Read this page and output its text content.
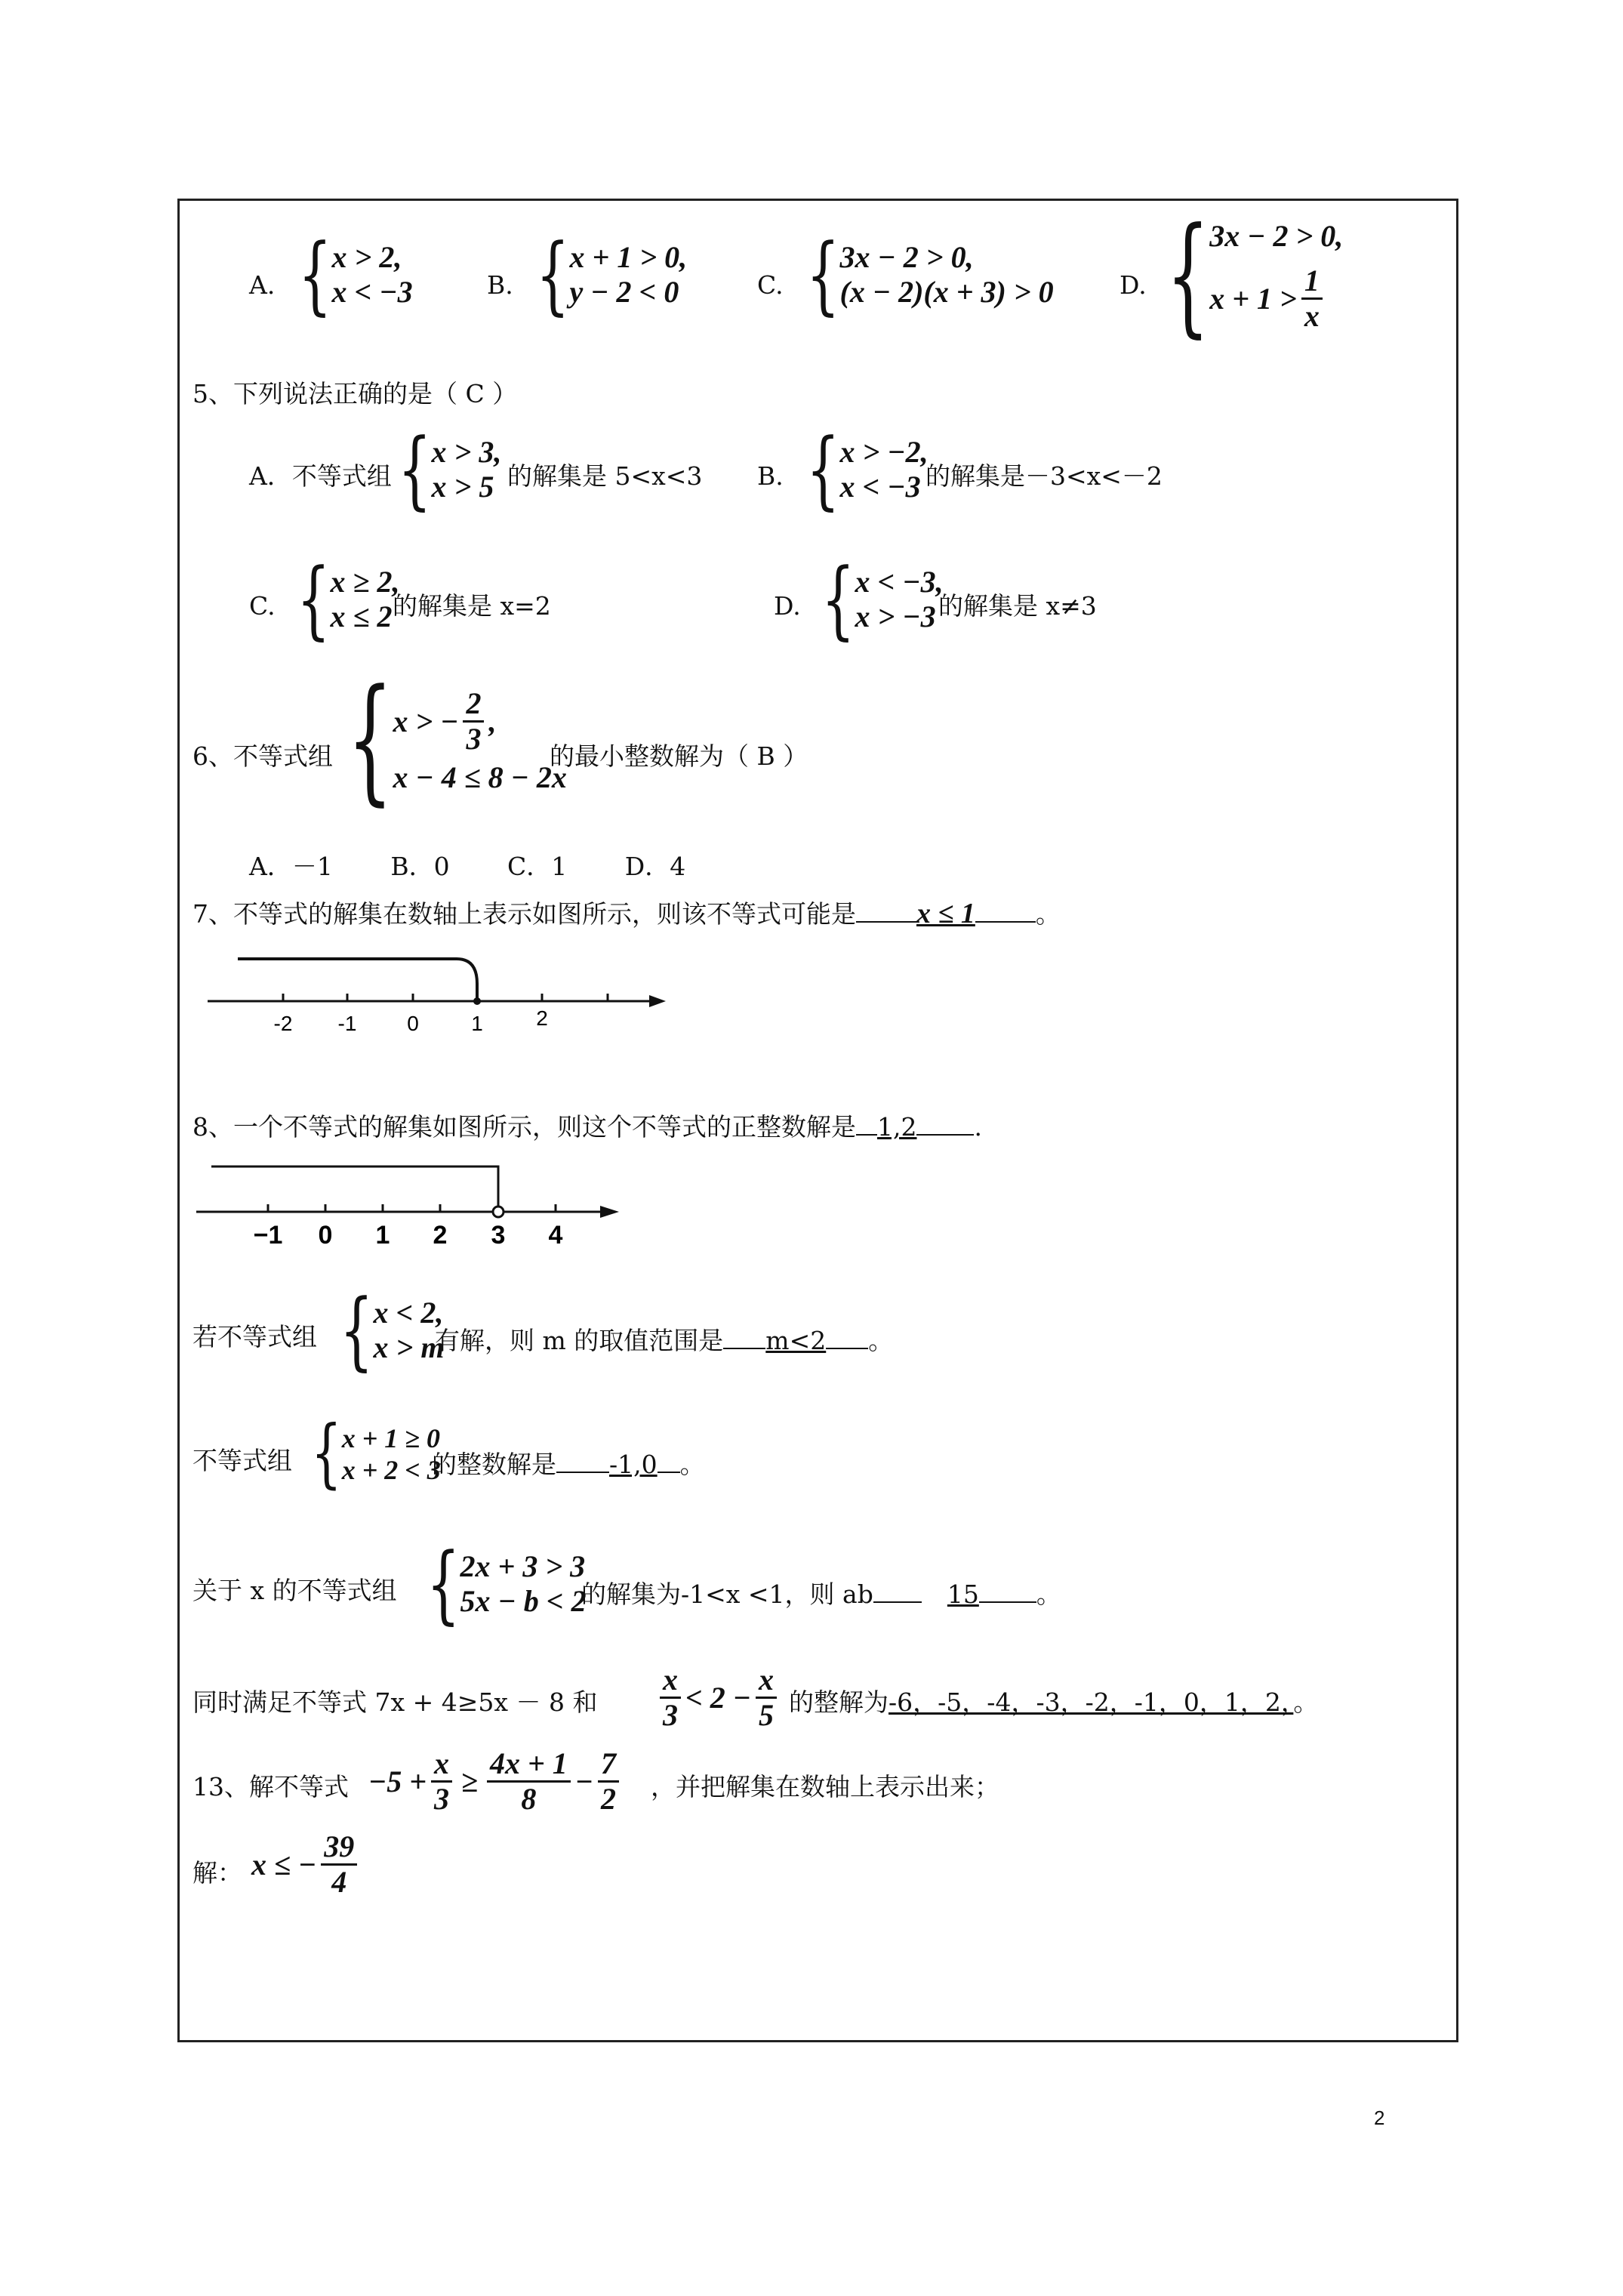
A. { x > 2,
x < −3	B. { x + 1 > 0,
y − 2 < 0	C. { 3x − 2 > 0,
(x − 2)(x + 3) > 0	D. { 3x − 2 > 0,
$x + 1 > \frac{1}{x}$
5、下列说法正确的是（ C ）
A．不等式组 { x > 3,
x > 5 的解集是 5<x<3 B. { x > −2,
x < −3 的解集是－3<x<－2
C. { x ≥ 2,
x ≤ 2 的解集是 x=2	D. { x < −3,
x > −3 的解集是 x≠3
6、不等式组 { x > − $\frac{2}{3}$ ,
x − 4 ≤ 8 − 2x
的最小整数解为（ B ）
A．－1　　 B．0　　 C．1　　 D．4
7、不等式的解集在数轴上表示如图所示，则该不等式可能是 x ≤ 1 。
-2 -1 0 1	2
8、一个不等式的解集如图所示，则这个不等式的正整数解是 1,2 .
−1 0 1 2 3 4
若不等式组 { x < 2,
x > m
有解，则 m 的取值范围是 m<2 。
不等式组 { x + 1 ≥ 0
x + 2 < 3
的整数解是 -1,0 。
关于 x 的不等式组 { 2x + 3 > 3
5x − b < 2
的解集为-1<x <1，则 ab	15 。
同时满足不等式 7x + 4≥5x － 8 和 $\frac{x}{3} < 2 - \frac{x}{5}$ 的整解为-6，-5，-4，-3，-2，-1，0，1，2，。
13、解不等式 $-5 + \frac{x}{3} \ge \frac{4x + 1}{8} - \frac{7}{2}$ ，并把解集在数轴上表示出来；
解： x ≤ − $\frac{39}{4}$
2
